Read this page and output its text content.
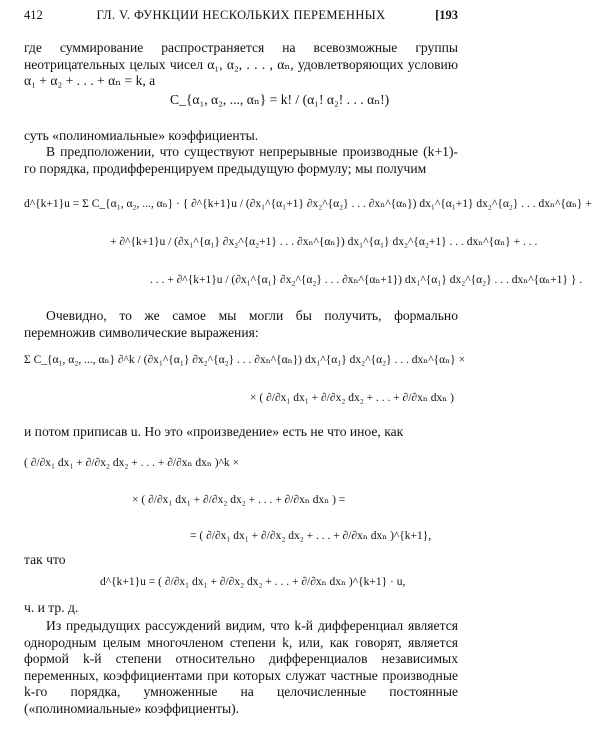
412	ГЛ. V. ФУНКЦИИ НЕСКОЛЬКИХ ПЕРЕМЕННЫХ	[193
где суммирование распространяется на всевозможные группы неотрицательных целых чисел α₁, α₂, . . . , αₙ, удовлетворяющих условию α₁ + α₂ + . . . + αₙ = k, а
C_{α₁, α₂, ..., αₙ} = k! / (α₁! α₂! . . . αₙ!)
суть «полиномиальные» коэффициенты.
В предположении, что существуют непрерывные производные (k+1)-го порядка, продифференцируем предыдущую формулу; мы получим
d^{k+1}u = Σ C_{α₁, α₂, ..., αₙ} · { ∂^{k+1}u / (∂x₁^{α₁+1} ∂x₂^{α₂} . . . ∂xₙ^{αₙ}) dx₁^{α₁+1} dx₂^{α₂} . . . dxₙ^{αₙ} +
+ ∂^{k+1}u / (∂x₁^{α₁} ∂x₂^{α₂+1} . . . ∂xₙ^{αₙ}) dx₁^{α₁} dx₂^{α₂+1} . . . dxₙ^{αₙ} + . . .
. . . + ∂^{k+1}u / (∂x₁^{α₁} ∂x₂^{α₂} . . . ∂xₙ^{αₙ+1}) dx₁^{α₁} dx₂^{α₂} . . . dxₙ^{αₙ+1} } .
Очевидно, то же самое мы могли бы получить, формально перемножив символические выражения:
Σ C_{α₁, α₂, ..., αₙ} ∂^k / (∂x₁^{α₁} ∂x₂^{α₂} . . . ∂xₙ^{αₙ}) dx₁^{α₁} dx₂^{α₂} . . . dxₙ^{αₙ} ×
× ( ∂/∂x₁ dx₁ + ∂/∂x₂ dx₂ + . . . + ∂/∂xₙ dxₙ )
и потом приписав u. Но это «произведение» есть не что иное, как
( ∂/∂x₁ dx₁ + ∂/∂x₂ dx₂ + . . . + ∂/∂xₙ dxₙ )^k ×
× ( ∂/∂x₁ dx₁ + ∂/∂x₂ dx₂ + . . . + ∂/∂xₙ dxₙ ) =
= ( ∂/∂x₁ dx₁ + ∂/∂x₂ dx₂ + . . . + ∂/∂xₙ dxₙ )^{k+1},
так что
d^{k+1}u = ( ∂/∂x₁ dx₁ + ∂/∂x₂ dx₂ + . . . + ∂/∂xₙ dxₙ )^{k+1} · u,
ч. и тр. д.
Из предыдущих рассуждений видим, что k-й дифференциал является однородным целым многочленом степени k, или, как говорят, является формой k-й степени относительно дифференциалов независимых переменных, коэффициентами при которых служат частные производные k-го порядка, умноженные на целочисленные постоянные («полиномиальные» коэффициенты).
